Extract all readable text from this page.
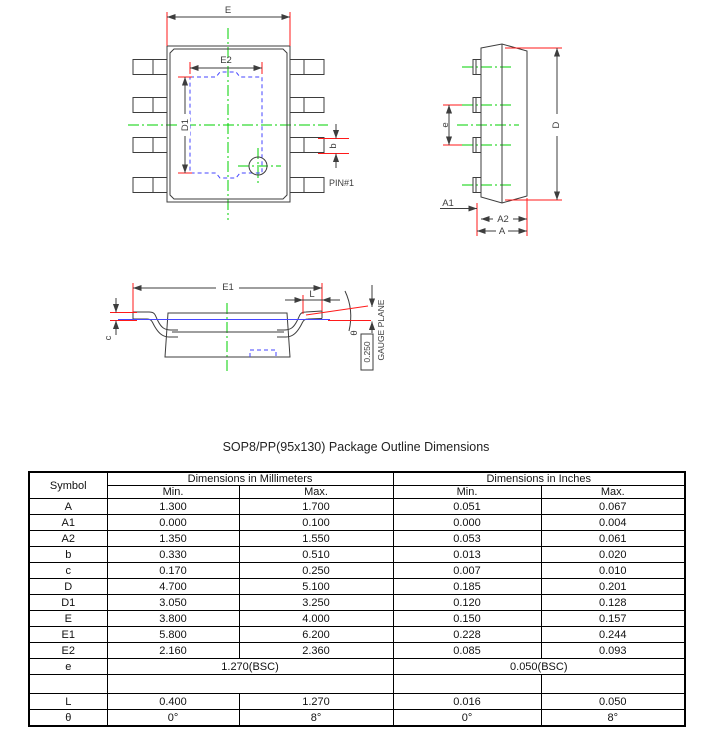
E
E2
D1
b
PIN#1
e	D
A1
A2
A
E1
L
c
θ
0.250 GAUGE PLANE
SOP8/PP(95x130) Package Outline Dimensions
Symbol	Dimensions in Millimeters		Dimensions in Inches	
	Min.	Max.	Min.	Max.
A	1.300	1.700	0.051	0.067
A1	0.000	0.100	0.000	0.004
A2	1.350	1.550	0.053	0.061
b	0.330	0.510	0.013	0.020
c	0.170	0.250	0.007	0.010
D	4.700	5.100	0.185	0.201
D1	3.050	3.250	0.120	0.128
E	3.800	4.000	0.150	0.157
E1	5.800	6.200	0.228	0.244
E2	2.160	2.360	0.085	0.093
e	1.270(BSC)		0.050(BSC)	

L	0.400	1.270	0.016	0.050
θ	0°	8°	0°	8°
